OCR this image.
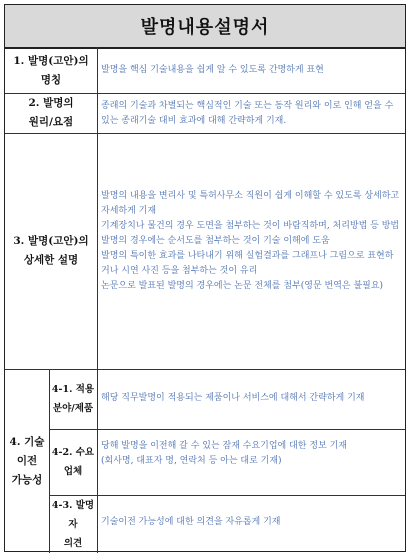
발명내용설명서
1. 발명(고안)의
명칭

발명을 핵심 기술내용을 쉽게 알 수 있도록 간명하게 표현

2. 발명의
원리/요점

종래의 기술과 차별되는 핵심적인 기술 또는 동작 원리와 이로 인해 얻을 수 있는 종래기술 대비 효과에 대해 간략하게 기재.

3. 발명(고안)의
상세한 설명

발명의 내용을 변리사 및 특허사무소 직원이 쉽게 이해할 수 있도록 상세하고 자세하게 기재

기계장치나 물건의 경우 도면을 첨부하는 것이 바람직하며, 처리방법 등 방법 발명의 경우에는 순서도를 첨부하는 것이 기술 이해에 도움

발명의 특이한 효과를 나타내기 위해 실험결과를 그래프나 그림으로 표현하거나 시연 사진 등을 첨부하는 것이 유리

논문으로 발표된 발명의 경우에는 논문 전체를 첨부(영문 번역은 불필요)

4. 기술
이전
가능성
4-1. 적용
분야/제품

해당 직무발명이 적용되는 제품이나 서비스에 대해서 간략하게 기재

4-2. 수요
업체

당해 발명을 이전해 갈 수 있는 잠재 수요기업에 대한 정보 기재

(회사명, 대표자 명, 연락처 등 아는 대로 기재)

4-3. 발명자
의견

기술이전 가능성에 대한 의견을 자유롭게 기재
